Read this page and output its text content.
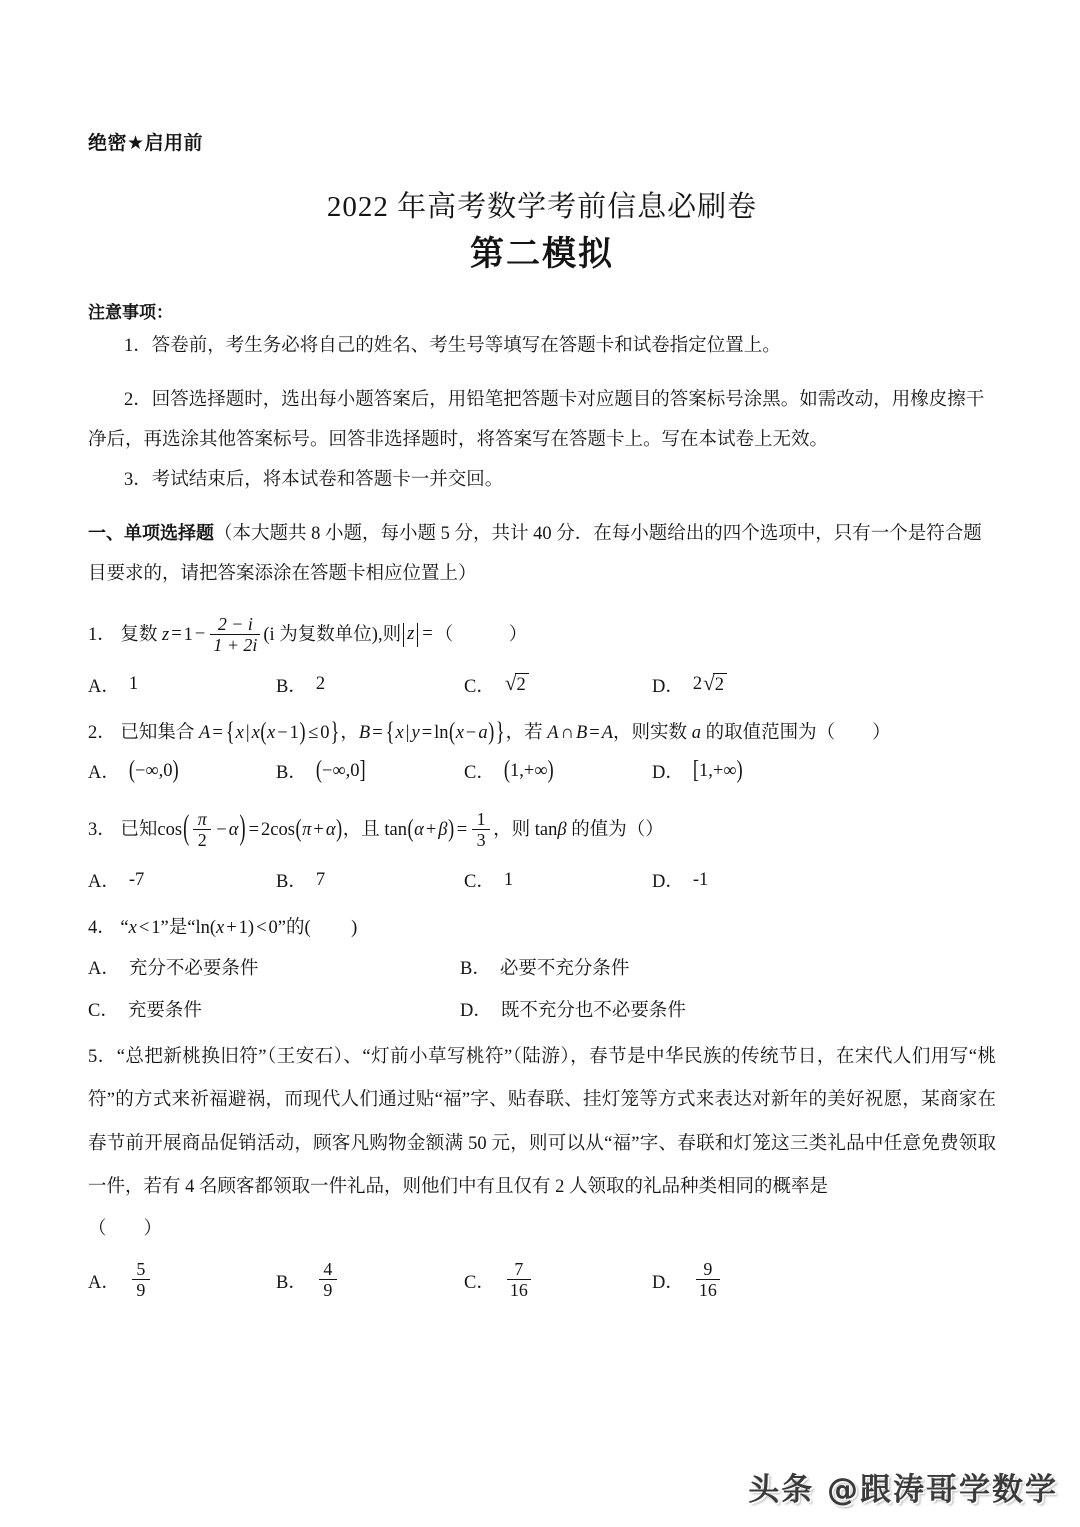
绝密★启用前
2022 年高考数学考前信息必刷卷
第二模拟
注意事项：
1．答卷前，考生务必将自己的姓名、考生号等填写在答题卡和试卷指定位置上。
2．回答选择题时，选出每小题答案后，用铅笔把答题卡对应题目的答案标号涂黑。如需改动，用橡皮擦干净后，再选涂其他答案标号。回答非选择题时，将答案写在答题卡上。写在本试卷上无效。
3．考试结束后，将本试卷和答题卡一并交回。
一、单项选择题（本大题共 8 小题，每小题 5 分，共计 40 分．在每小题给出的四个选项中，只有一个是符合题目要求的，请把答案添涂在答题卡相应位置上）
1． 复数 $z = 1 - \frac{2 - i}{1 + 2i} (i$ 为复数单位),则 z = （　　　）
A． 1	B． 2	C． √ 2	D． 2 √ 2
2． 已知集合 A = {x | x(x − 1) ≤ 0}，B = {x | y = ln(x − a)}，若 A ∩ B = A，则实数 a 的取值范围为（　　）
A． (−∞,0)	B． (−∞,0]	C． (1,+∞)	D． [1,+∞)
3． 已知$\cos( \frac{\pi}{2} - \alpha) = 2\cos(\pi + \alpha)$，且 $\tan(\alpha + \beta) = \frac{1}{3}$ ，则 tanβ 的值为（）
A． -7	B． 7	C． 1	D． -1
4． “x < 1”是“ln(x + 1) < 0”的(　 )
A． 充分不必要条件	B． 必要不充分条件
C． 充要条件	D． 既不充分也不必要条件
5．“总把新桃换旧符”（王安石）、“灯前小草写桃符”（陆游），春节是中华民族的传统节日，在宋代人们用写“桃符”的方式来祈福避祸，而现代人们通过贴“福”字、贴春联、挂灯笼等方式来表达对新年的美好祝愿，某商家在春节前开展商品促销活动，顾客凡购物金额满 50 元，则可以从“福”字、春联和灯笼这三类礼品中任意免费领取一件，若有 4 名顾客都领取一件礼品，则他们中有且仅有 2 人领取的礼品种类相同的概率是
（　　）
A． $\frac{5}{9}$	B． $\frac{4}{9}$	C． $\frac{7}{16}$	D． $\frac{9}{16}$
头条 @跟涛哥学数学
